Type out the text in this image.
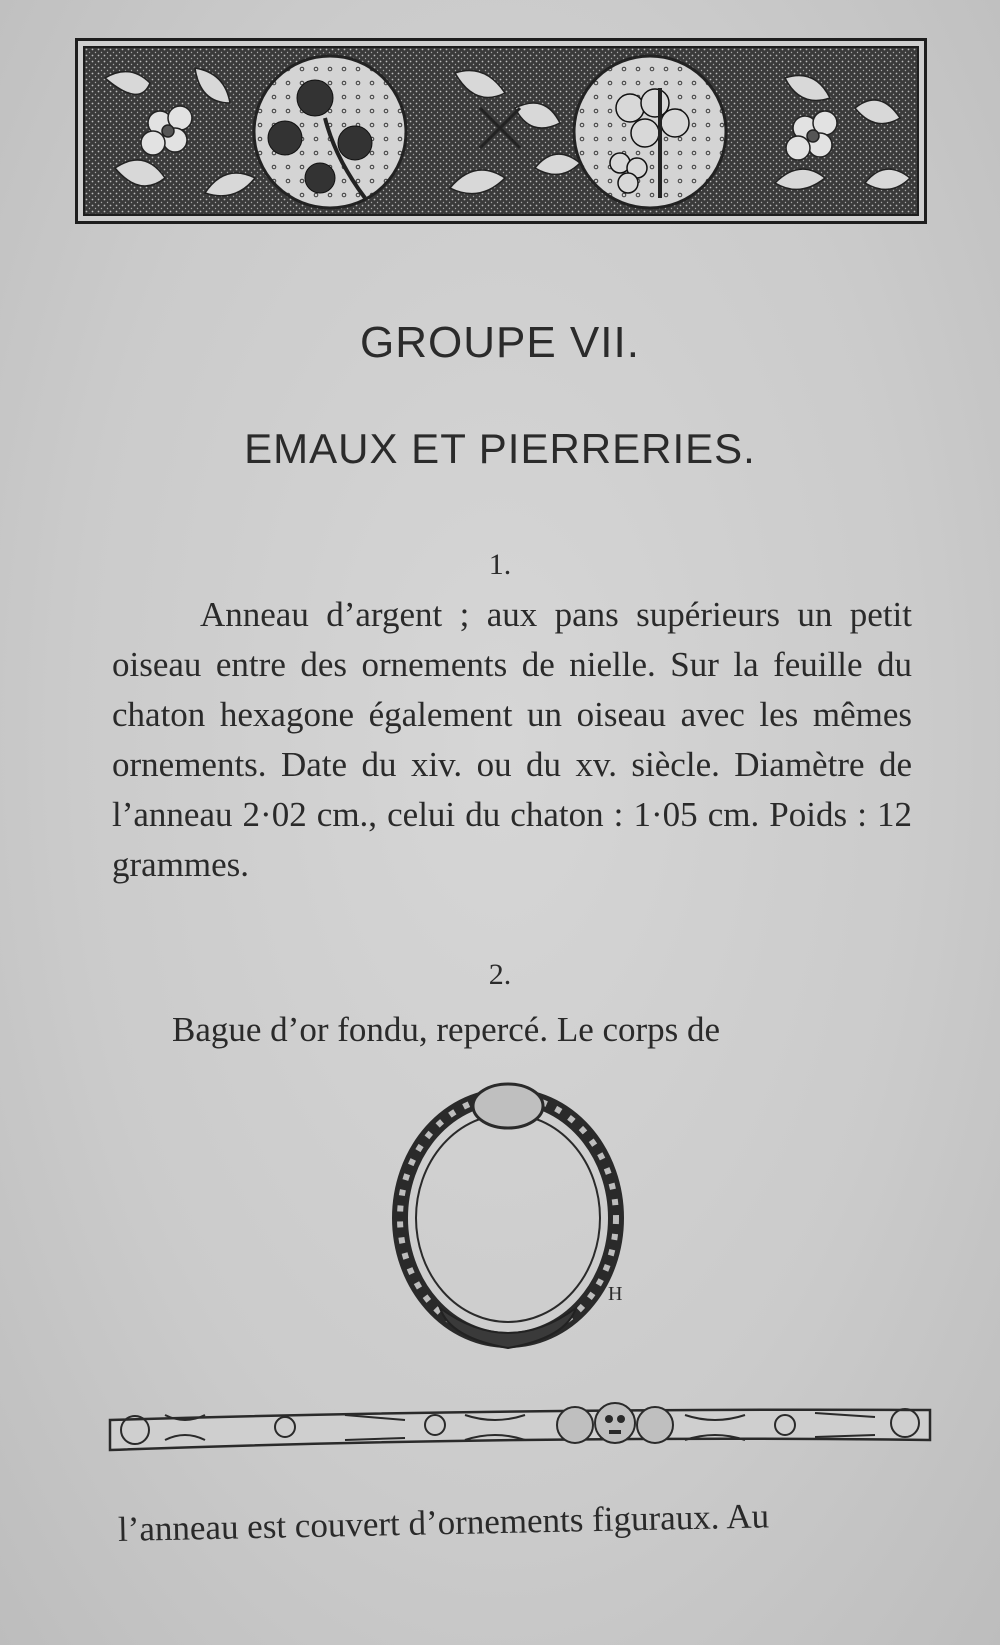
GROUPE VII.
EMAUX ET PIERRERIES.
1.

Anneau d’argent ; aux pans supérieurs un petit oiseau entre des ornements de nielle. Sur la feuille du chaton hexagone également un oiseau avec les mêmes ornements. Date du xiv. ou du xv. siècle. Diamètre de l’anneau 2·02 cm., celui du chaton : 1·05 cm. Poids : 12 grammes.

2.

Bague d’or fondu, repercé. Le corps de

H

l’anneau est couvert d’ornements figuraux. Au
